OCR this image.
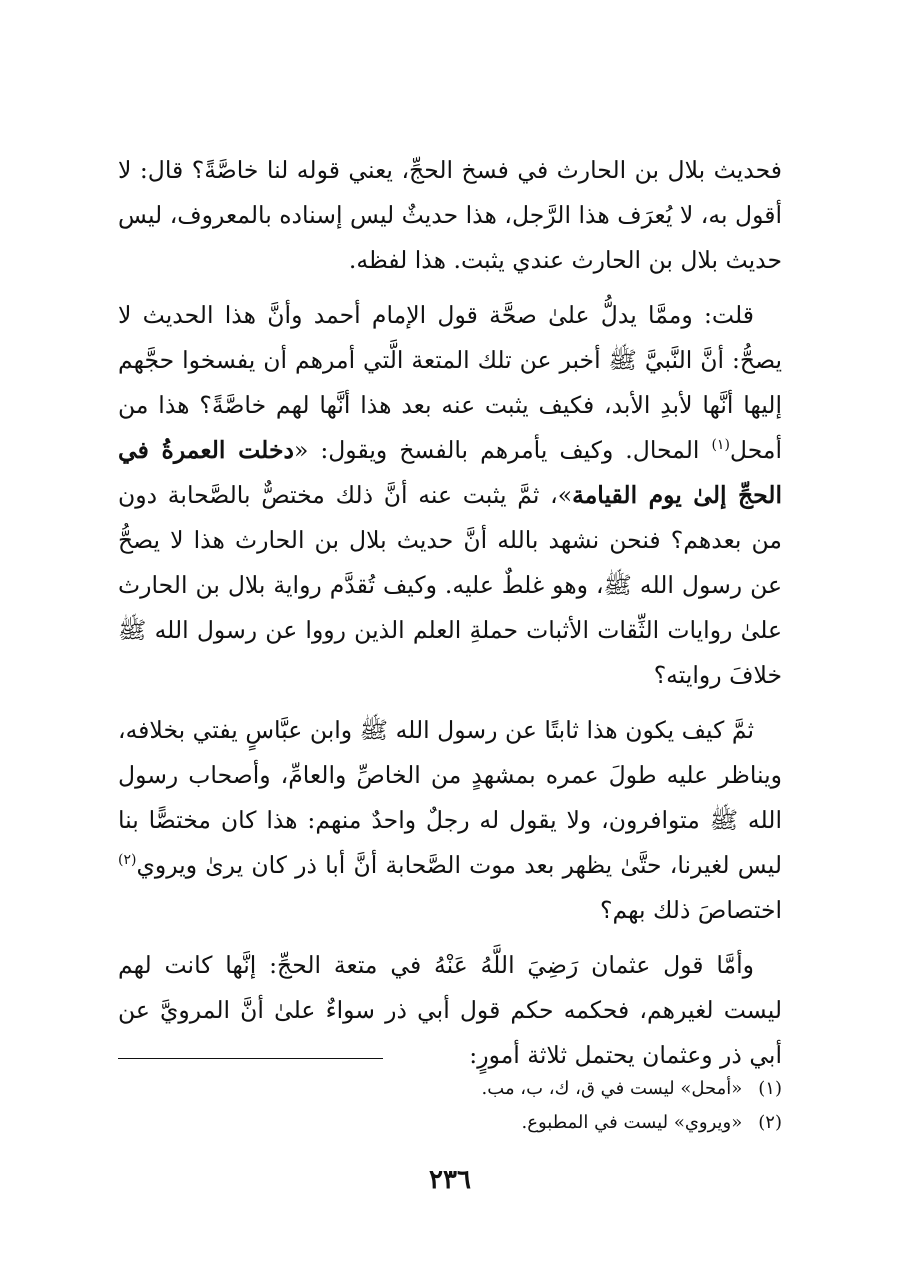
فحديث بلال بن الحارث في فسخ الحجِّ، يعني قوله لنا خاصَّةً؟ قال: لا أقول به، لا يُعرَف هذا الرَّجل، هذا حديثٌ ليس إسناده بالمعروف، ليس حديث بلال بن الحارث عندي يثبت. هذا لفظه.

قلت: وممَّا يدلُّ علىٰ صحَّة قول الإمام أحمد وأنَّ هذا الحديث لا يصحُّ: أنَّ النَّبيَّ ﷺ أخبر عن تلك المتعة الَّتي أمرهم أن يفسخوا حجَّهم إليها أنَّها لأبدِ الأبد، فكيف يثبت عنه بعد هذا أنَّها لهم خاصَّةً؟ هذا من أمحل$^{(١)}$ المحال. وكيف يأمرهم بالفسخ ويقول: «دخلت العمرةُ في الحجِّ إلىٰ يوم القيامة»، ثمَّ يثبت عنه أنَّ ذلك مختصٌّ بالصَّحابة دون من بعدهم؟ فنحن نشهد بالله أنَّ حديث بلال بن الحارث هذا لا يصحُّ عن رسول الله ﷺ، وهو غلطٌ عليه. وكيف تُقدَّم رواية بلال بن الحارث علىٰ روايات الثِّقات الأثبات حملةِ العلم الذين رووا عن رسول الله ﷺ خلافَ روايته؟

ثمَّ كيف يكون هذا ثابتًا عن رسول الله ﷺ وابن عبَّاسٍ يفتي بخلافه، ويناظر عليه طولَ عمره بمشهدٍ من الخاصِّ والعامِّ، وأصحاب رسول الله ﷺ متوافرون، ولا يقول له رجلٌ واحدٌ منهم: هذا كان مختصًّا بنا ليس لغيرنا، حتَّىٰ يظهر بعد موت الصَّحابة أنَّ أبا ذر كان يرىٰ ويروي$^{(٢)}$ اختصاصَ ذلك بهم؟

وأمَّا قول عثمان رَضِيَ اللَّهُ عَنْهُ في متعة الحجِّ: إنَّها كانت لهم ليست لغيرهم، فحكمه حكم قول أبي ذر سواءٌ علىٰ أنَّ المرويَّ عن أبي ذر وعثمان يحتمل ثلاثة أمورٍ:

(١) «أمحل» ليست في ق، ك، ب، مب.
(٢) «ويروي» ليست في المطبوع.
٢٣٦
